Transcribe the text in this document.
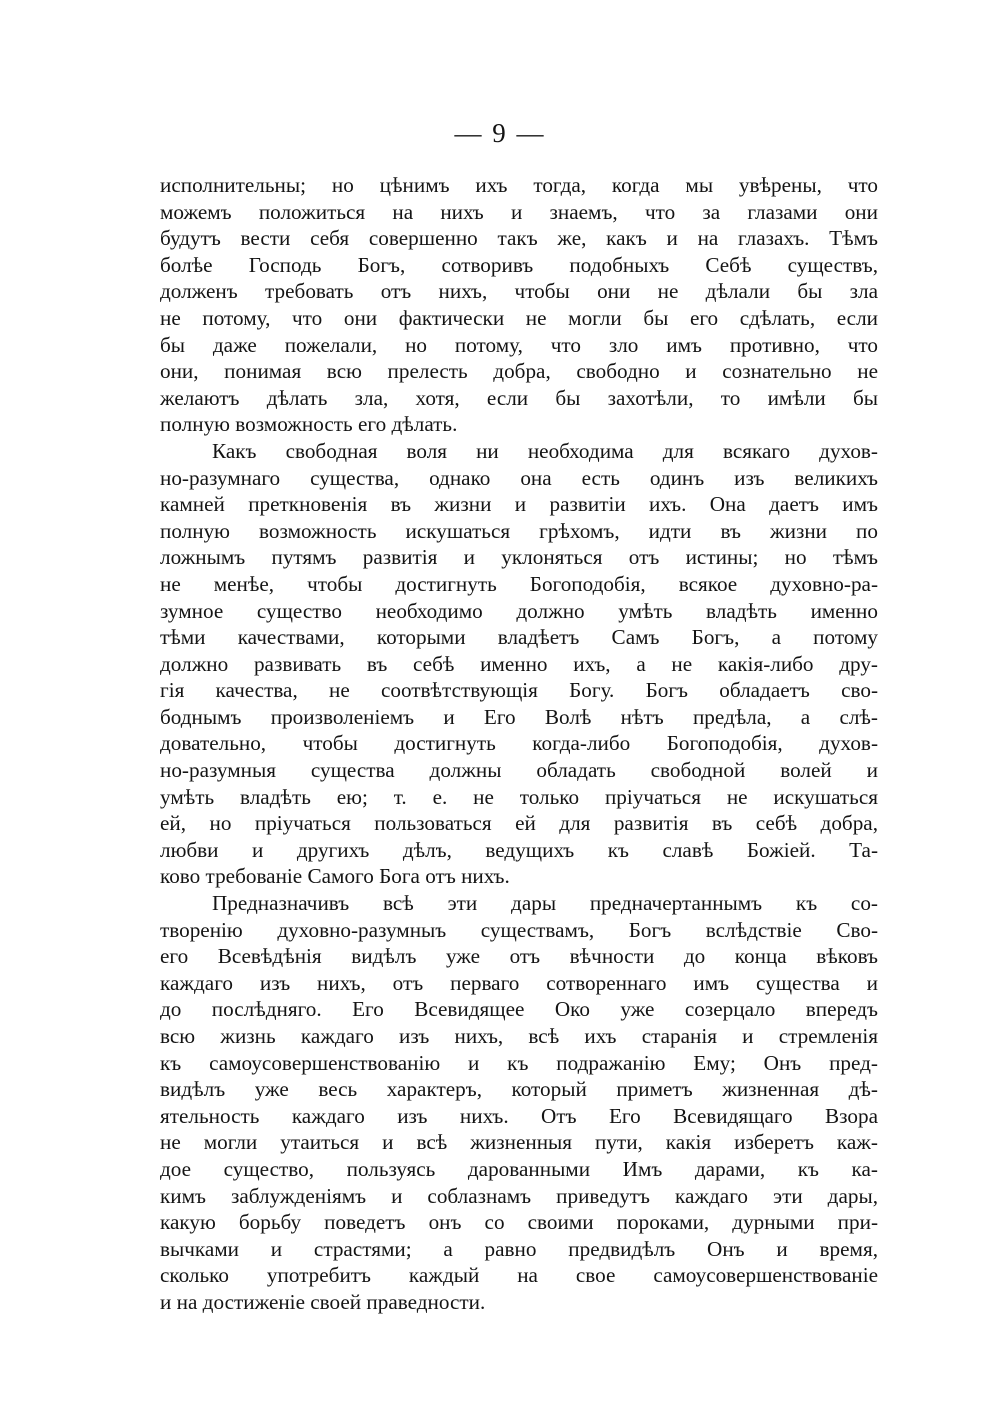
— 9 —
исполнительны; но цѣнимъ ихъ тогда, когда мы увѣрены, что
можемъ положиться на нихъ и знаемъ, что за глазами они
будутъ вести себя совершенно такъ же, какъ и на глазахъ. Тѣмъ
болѣе Господь Богъ, сотворивъ подобныхъ Себѣ существъ,
долженъ требовать отъ нихъ, чтобы они не дѣлали бы зла
не потому, что они фактически не могли бы его сдѣлать, если
бы даже пожелали, но потому, что зло имъ противно, что
они, понимая всю прелесть добра, свободно и сознательно не
желаютъ дѣлать зла, хотя, если бы захотѣли, то имѣли бы
полную возможность его дѣлать.
Какъ свободная воля ни необходима для всякаго духов-
но-разумнаго существа, однако она есть одинъ изъ великихъ
камней преткновенія въ жизни и развитіи ихъ. Она даетъ имъ
полную возможность искушаться грѣхомъ, идти въ жизни по
ложнымъ путямъ развитія и уклоняться отъ истины; но тѣмъ
не менѣе, чтобы достигнуть Богоподобія, всякое духовно-ра-
зумное существо необходимо должно умѣть владѣть именно
тѣми качествами, которыми владѣетъ Самъ Богъ, а потому
должно развивать въ себѣ именно ихъ, а не какія-либо дру-
гія качества, не соотвѣтствующія Богу. Богъ обладаетъ сво-
боднымъ произволеніемъ и Его Волѣ нѣтъ предѣла, а слѣ-
довательно, чтобы достигнуть когда-либо Богоподобія, духов-
но-разумныя существа должны обладать свободной волей и
умѣть владѣть ею; т. е. не только пріучаться не искушаться
ей, но пріучаться пользоваться ей для развитія въ себѣ добра,
любви и другихъ дѣлъ, ведущихъ къ славѣ Божіей. Та-
ково требованіе Самого Бога отъ нихъ.
Предназначивъ всѣ эти дары предначертаннымъ къ со-
творенію духовно-разумныъ существамъ, Богъ вслѣдствіе Сво-
его Всевѣдѣнія видѣлъ уже отъ вѣчности до конца вѣковъ
каждаго изъ нихъ, отъ перваго сотвореннаго имъ существа и
до послѣдняго. Его Всевидящее Око уже созерцало впередъ
всю жизнь каждаго изъ нихъ, всѣ ихъ старанія и стремленія
къ самоусовершенствованію и къ подражанію Ему; Онъ пред-
видѣлъ уже весь характеръ, который приметъ жизненная дѣ-
ятельность каждаго изъ нихъ. Отъ Его Всевидящаго Взора
не могли утаиться и всѣ жизненныя пути, какія изберетъ каж-
дое существо, пользуясь дарованными Имъ дарами, къ ка-
кимъ заблужденіямъ и соблазнамъ приведутъ каждаго эти дары,
какую борьбу поведетъ онъ со своими пороками, дурными при-
вычками и страстями; а равно предвидѣлъ Онъ и время,
сколько употребитъ каждый на свое самоусовершенствованіе
и на достиженіе своей праведности.
